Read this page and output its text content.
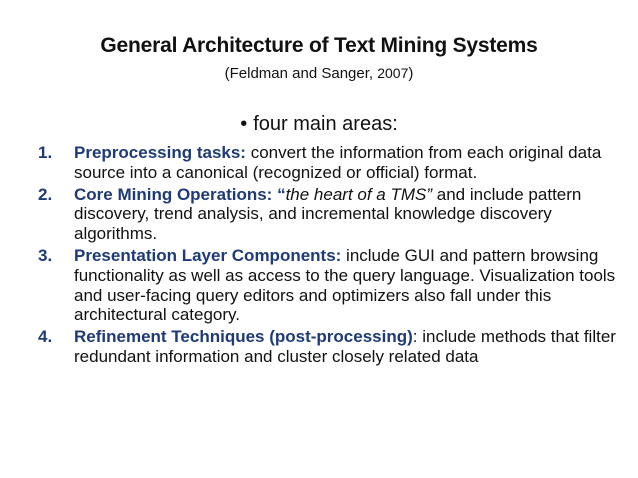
General Architecture of Text Mining Systems
(Feldman and Sanger, 2007)
• four main areas:
1. Preprocessing tasks: convert the information from each original data source into a canonical (recognized or official) format.
2. Core Mining Operations: “the heart of a TMS” and include pattern discovery, trend analysis, and incremental knowledge discovery algorithms.
3. Presentation Layer Components: include GUI and pattern browsing functionality as well as access to the query language. Visualization tools and user-facing query editors and optimizers also fall under this architectural category.
4. Refinement Techniques (post-processing): include methods that filter redundant information and cluster closely related data
